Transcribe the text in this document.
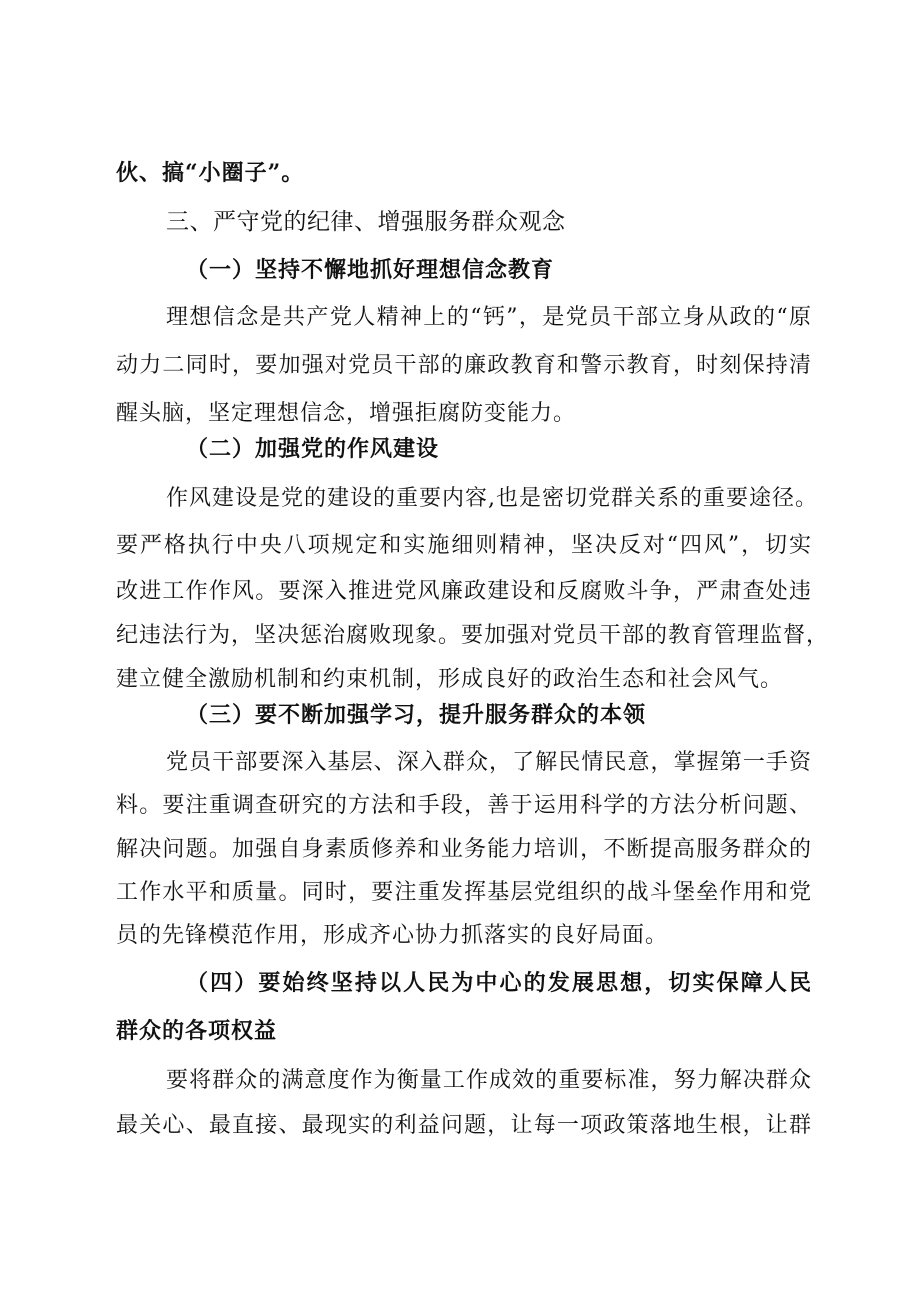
伙、搞“小圈子”。
三、严守党的纪律、增强服务群众观念
（一）坚持不懈地抓好理想信念教育
理想信念是共产党人精神上的“钙”，是党员干部立身从政的“原
动力二同时，要加强对党员干部的廉政教育和警示教育，时刻保持清
醒头脑，坚定理想信念，增强拒腐防变能力。
（二）加强党的作风建设
作风建设是党的建设的重要内容,也是密切党群关系的重要途径。
要严格执行中央八项规定和实施细则精神，坚决反对“四风”，切实
改进工作作风。要深入推进党风廉政建设和反腐败斗争，严肃查处违
纪违法行为，坚决惩治腐败现象。要加强对党员干部的教育管理监督，
建立健全激励机制和约束机制，形成良好的政治生态和社会风气。
（三）要不断加强学习，提升服务群众的本领
党员干部要深入基层、深入群众，了解民情民意，掌握第一手资
料。要注重调查研究的方法和手段，善于运用科学的方法分析问题、
解决问题。加强自身素质修养和业务能力培训，不断提高服务群众的
工作水平和质量。同时，要注重发挥基层党组织的战斗堡垒作用和党
员的先锋模范作用，形成齐心协力抓落实的良好局面。
（四）要始终坚持以人民为中心的发展思想，切实保障人民
群众的各项权益
要将群众的满意度作为衡量工作成效的重要标准，努力解决群众
最关心、最直接、最现实的利益问题，让每一项政策落地生根，让群
